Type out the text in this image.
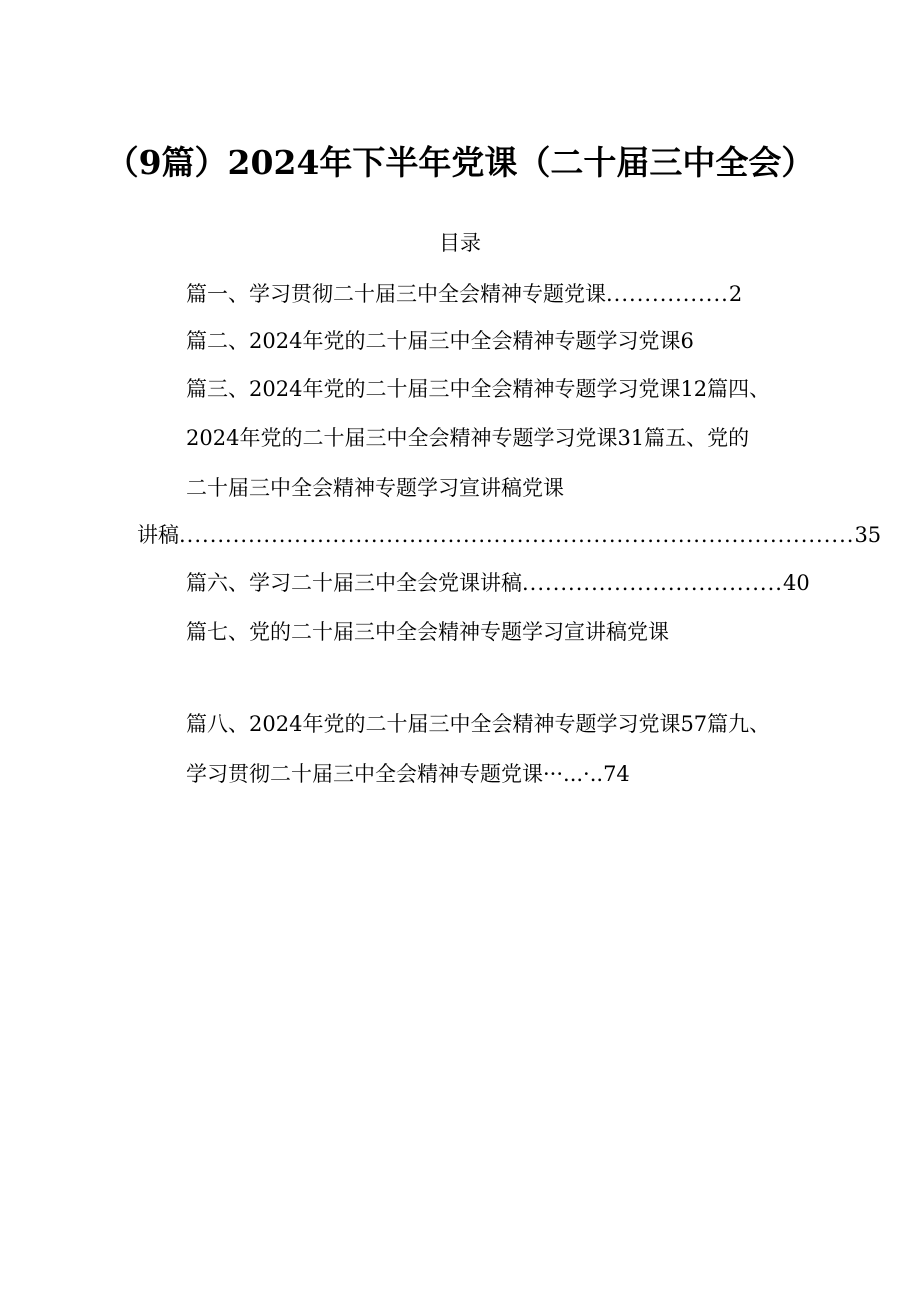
（9篇）2024年下半年党课（二十届三中全会）
目录
篇一、学习贯彻二十届三中全会精神专题党课 ................ 2
篇二、2024年党的二十届三中全会精神专题学习党课6
篇三、2024年党的二十届三中全会精神专题学习党课12篇四、
2024年党的二十届三中全会精神专题学习党课31篇五、党的
二十届三中全会精神专题学习宣讲稿党课
讲稿 ........................................................................................ 35
篇六、学习二十届三中全会党课讲稿 .................................. 40
篇七、党的二十届三中全会精神专题学习宣讲稿党课
篇八、2024年党的二十届三中全会精神专题学习党课57篇九、
学习贯彻二十届三中全会精神专题党课···...·..74
